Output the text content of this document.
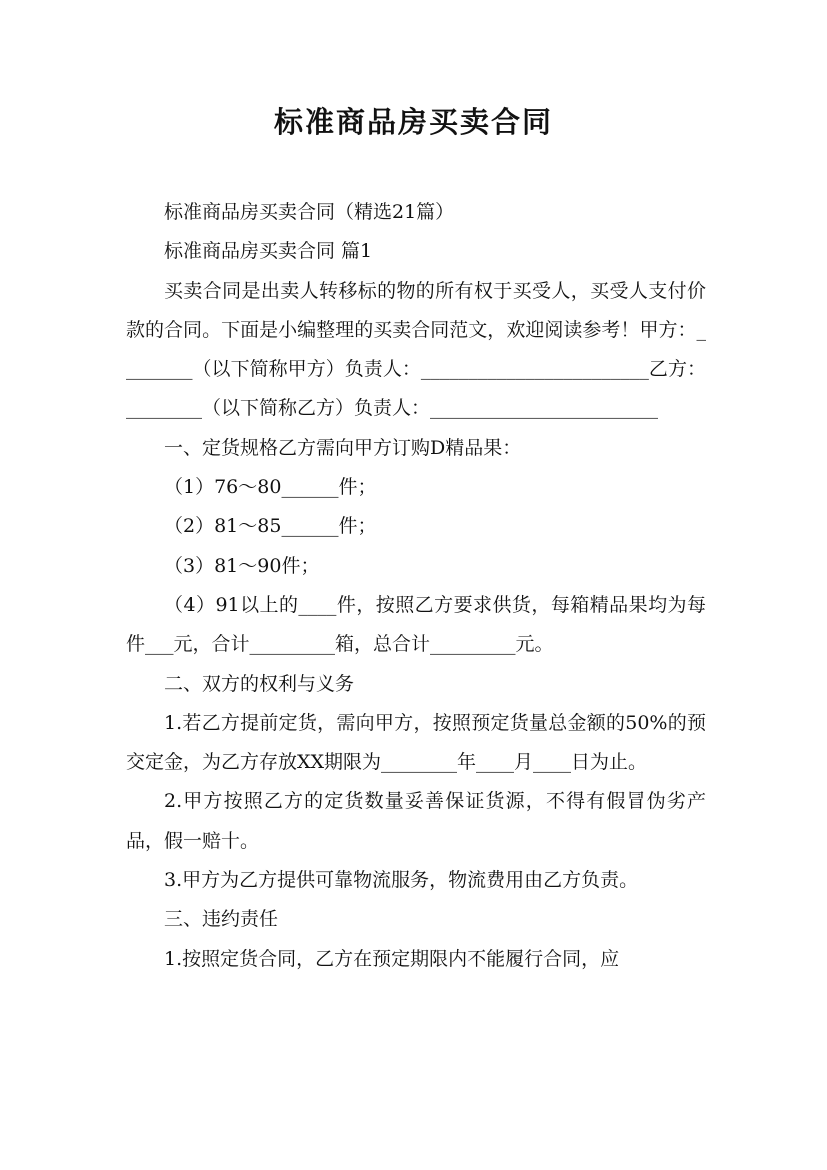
标准商品房买卖合同

标准商品房买卖合同（精选21篇）

标准商品房买卖合同 篇1

买卖合同是出卖人转移标的物的所有权于买受人，买受人支付价款的合同。下面是小编整理的买卖合同范文，欢迎阅读参考！甲方：________（以下简称甲方）负责人：________________________乙方：________（以下简称乙方）负责人：________________________

一、定货规格乙方需向甲方订购D精品果：

（1）76～80______件；

（2）81～85______件；

（3）81～90件；

（4）91以上的____件，按照乙方要求供货，每箱精品果均为每件___元，合计_________箱，总合计_________元。

二、双方的权利与义务

1.若乙方提前定货，需向甲方，按照预定货量总金额的50%的预交定金，为乙方存放XX期限为________年____月____日为止。

2.甲方按照乙方的定货数量妥善保证货源，不得有假冒伪劣产品，假一赔十。

3.甲方为乙方提供可靠物流服务，物流费用由乙方负责。

三、违约责任

1.按照定货合同，乙方在预定期限内不能履行合同，应
